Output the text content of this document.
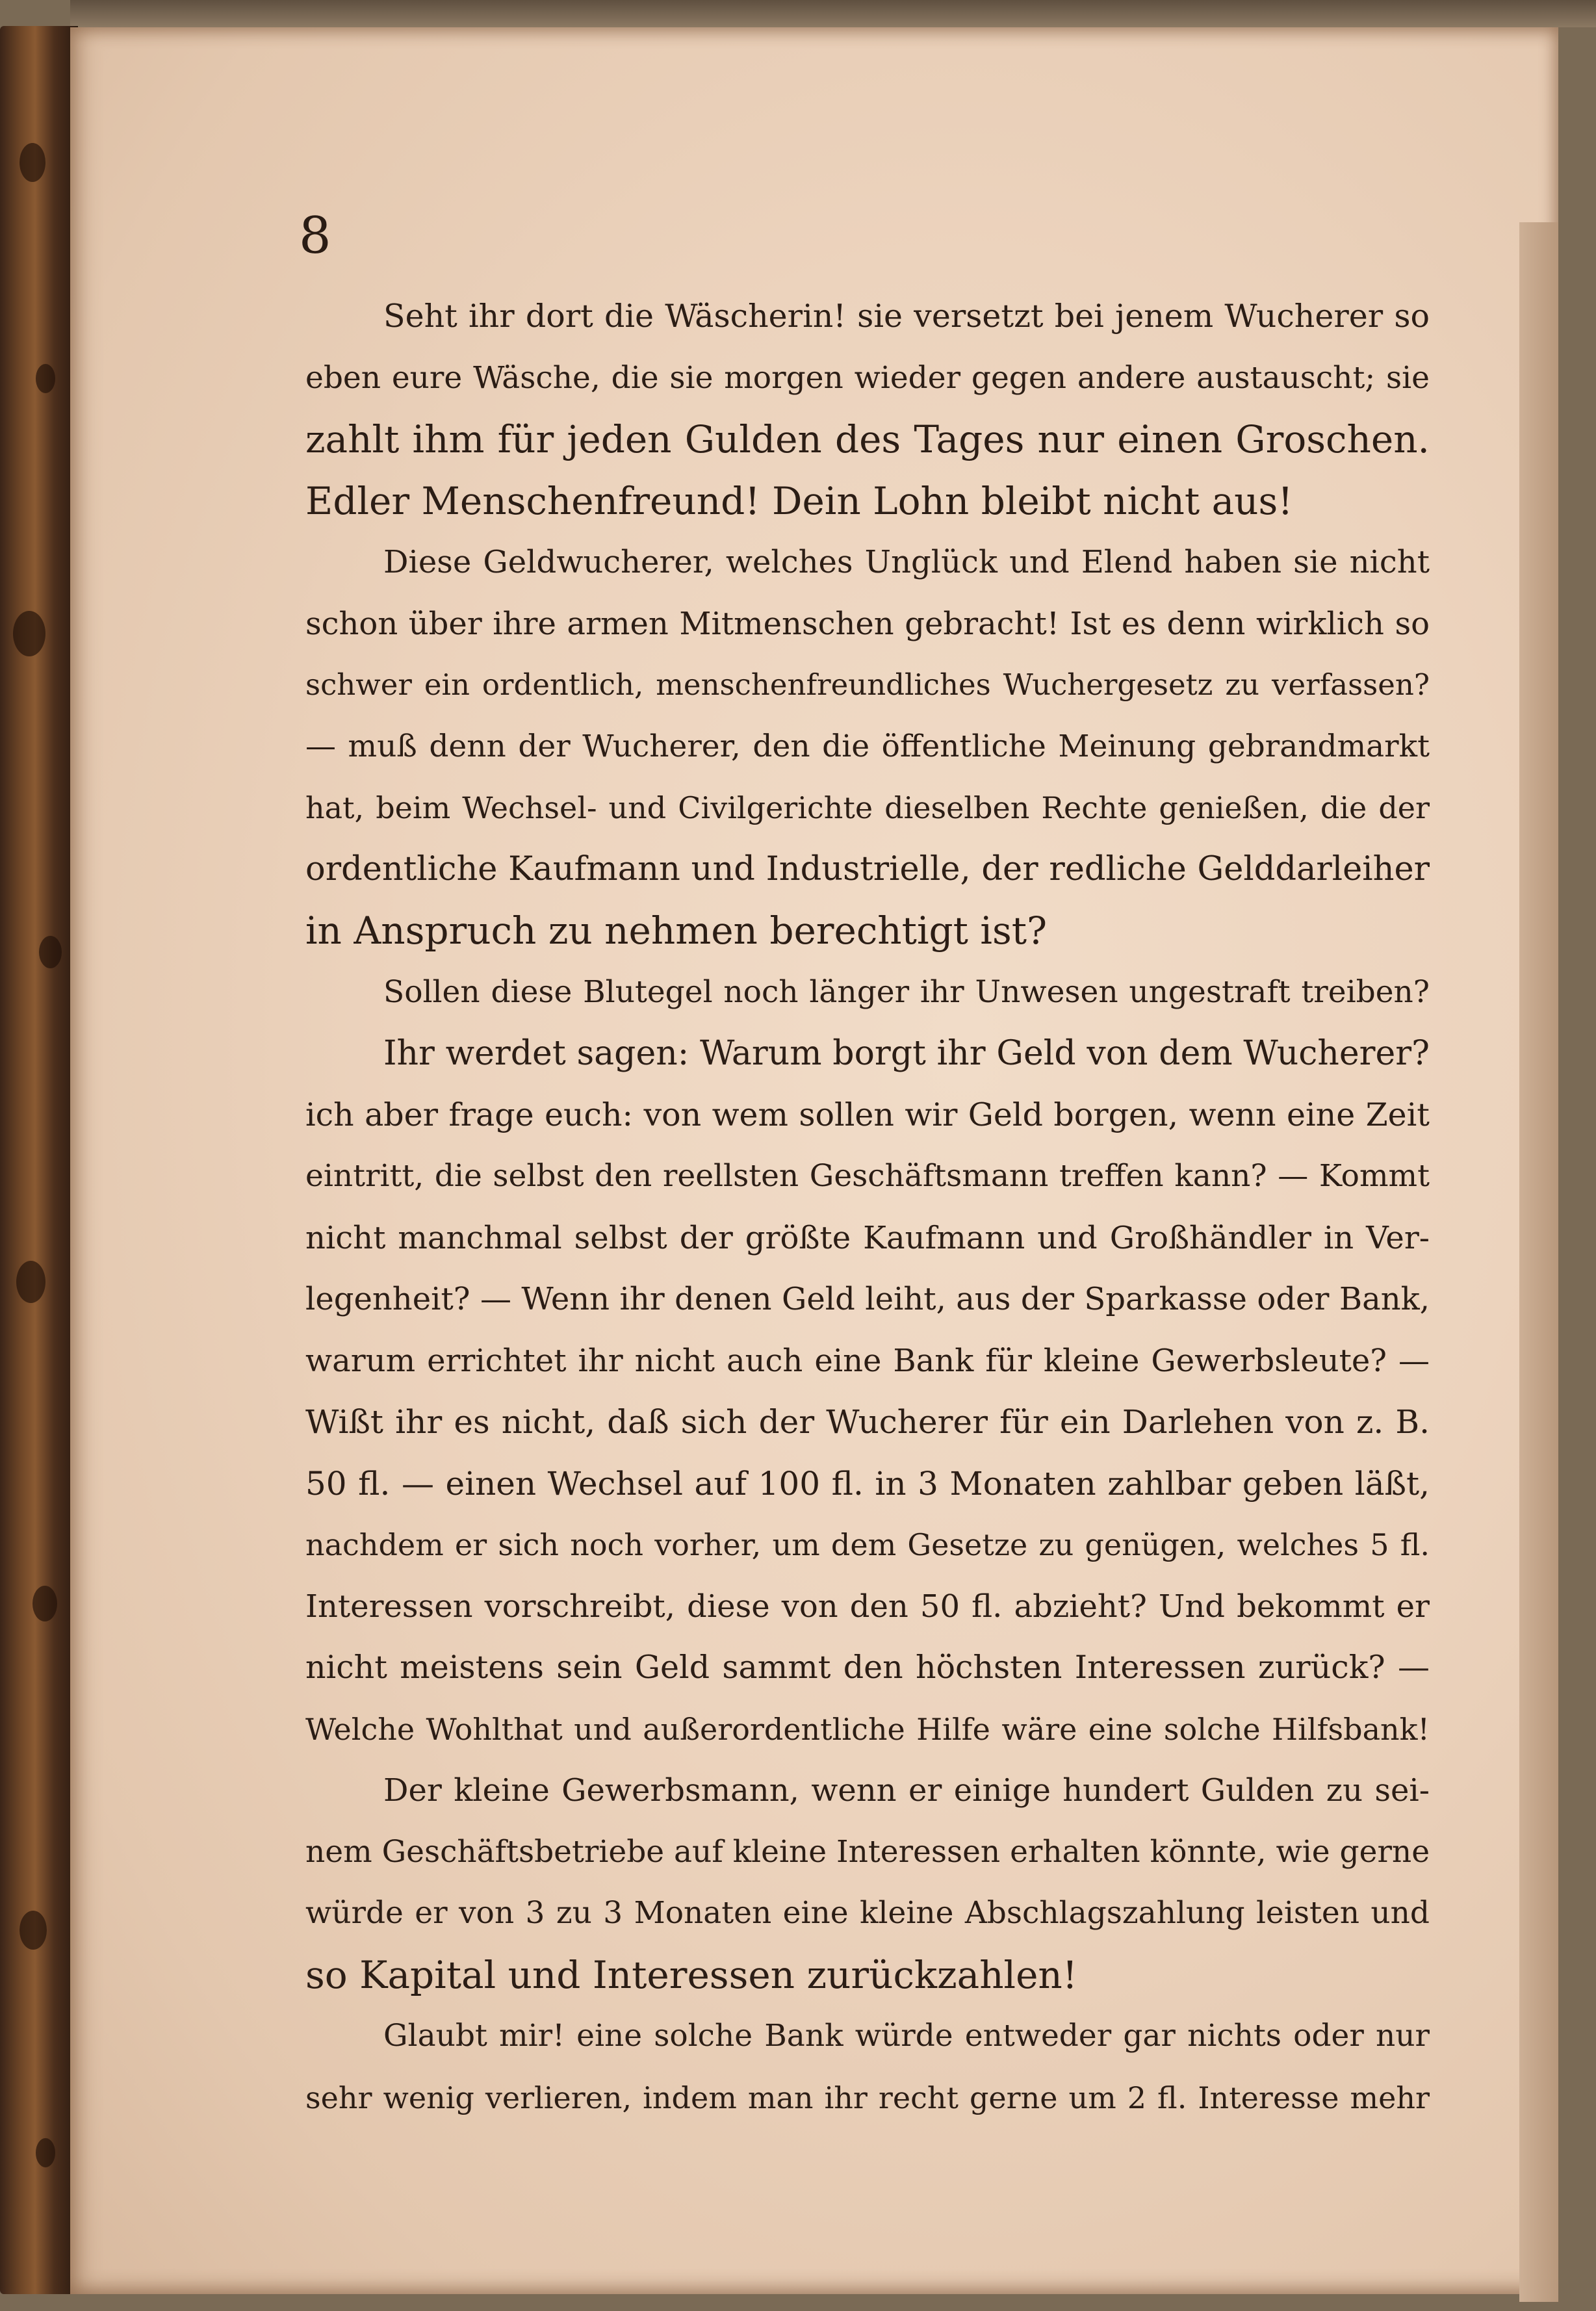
8
Seht ihr dort die Wäscherin! sie versetzt bei jenem Wucherer so
eben eure Wäsche, die sie morgen wieder gegen andere austauscht; sie
zahlt ihm für jeden Gulden des Tages nur einen Groschen.
Edler Menschenfreund! Dein Lohn bleibt nicht aus!
Diese Geldwucherer, welches Unglück und Elend haben sie nicht
schon über ihre armen Mitmenschen gebracht! Ist es denn wirklich so
schwer ein ordentlich, menschenfreundliches Wuchergesetz zu verfassen?
— muß denn der Wucherer, den die öffentliche Meinung gebrandmarkt
hat, beim Wechsel- und Civilgerichte dieselben Rechte genießen, die der
ordentliche Kaufmann und Industrielle, der redliche Gelddarleiher
in Anspruch zu nehmen berechtigt ist?
Sollen diese Blutegel noch länger ihr Unwesen ungestraft treiben?
Ihr werdet sagen: Warum borgt ihr Geld von dem Wucherer?
ich aber frage euch: von wem sollen wir Geld borgen, wenn eine Zeit
eintritt, die selbst den reellsten Geschäftsmann treffen kann? — Kommt
nicht manchmal selbst der größte Kaufmann und Großhändler in Ver-
legenheit? — Wenn ihr denen Geld leiht, aus der Sparkasse oder Bank,
warum errichtet ihr nicht auch eine Bank für kleine Gewerbsleute? —
Wißt ihr es nicht, daß sich der Wucherer für ein Darlehen von z. B.
50 fl. — einen Wechsel auf 100 fl. in 3 Monaten zahlbar geben läßt,
nachdem er sich noch vorher, um dem Gesetze zu genügen, welches 5 fl.
Interessen vorschreibt, diese von den 50 fl. abzieht? Und bekommt er
nicht meistens sein Geld sammt den höchsten Interessen zurück? —
Welche Wohlthat und außerordentliche Hilfe wäre eine solche Hilfsbank!
Der kleine Gewerbsmann, wenn er einige hundert Gulden zu sei-
nem Geschäftsbetriebe auf kleine Interessen erhalten könnte, wie gerne
würde er von 3 zu 3 Monaten eine kleine Abschlagszahlung leisten und
so Kapital und Interessen zurückzahlen!
Glaubt mir! eine solche Bank würde entweder gar nichts oder nur
sehr wenig verlieren, indem man ihr recht gerne um 2 fl. Interesse mehr
